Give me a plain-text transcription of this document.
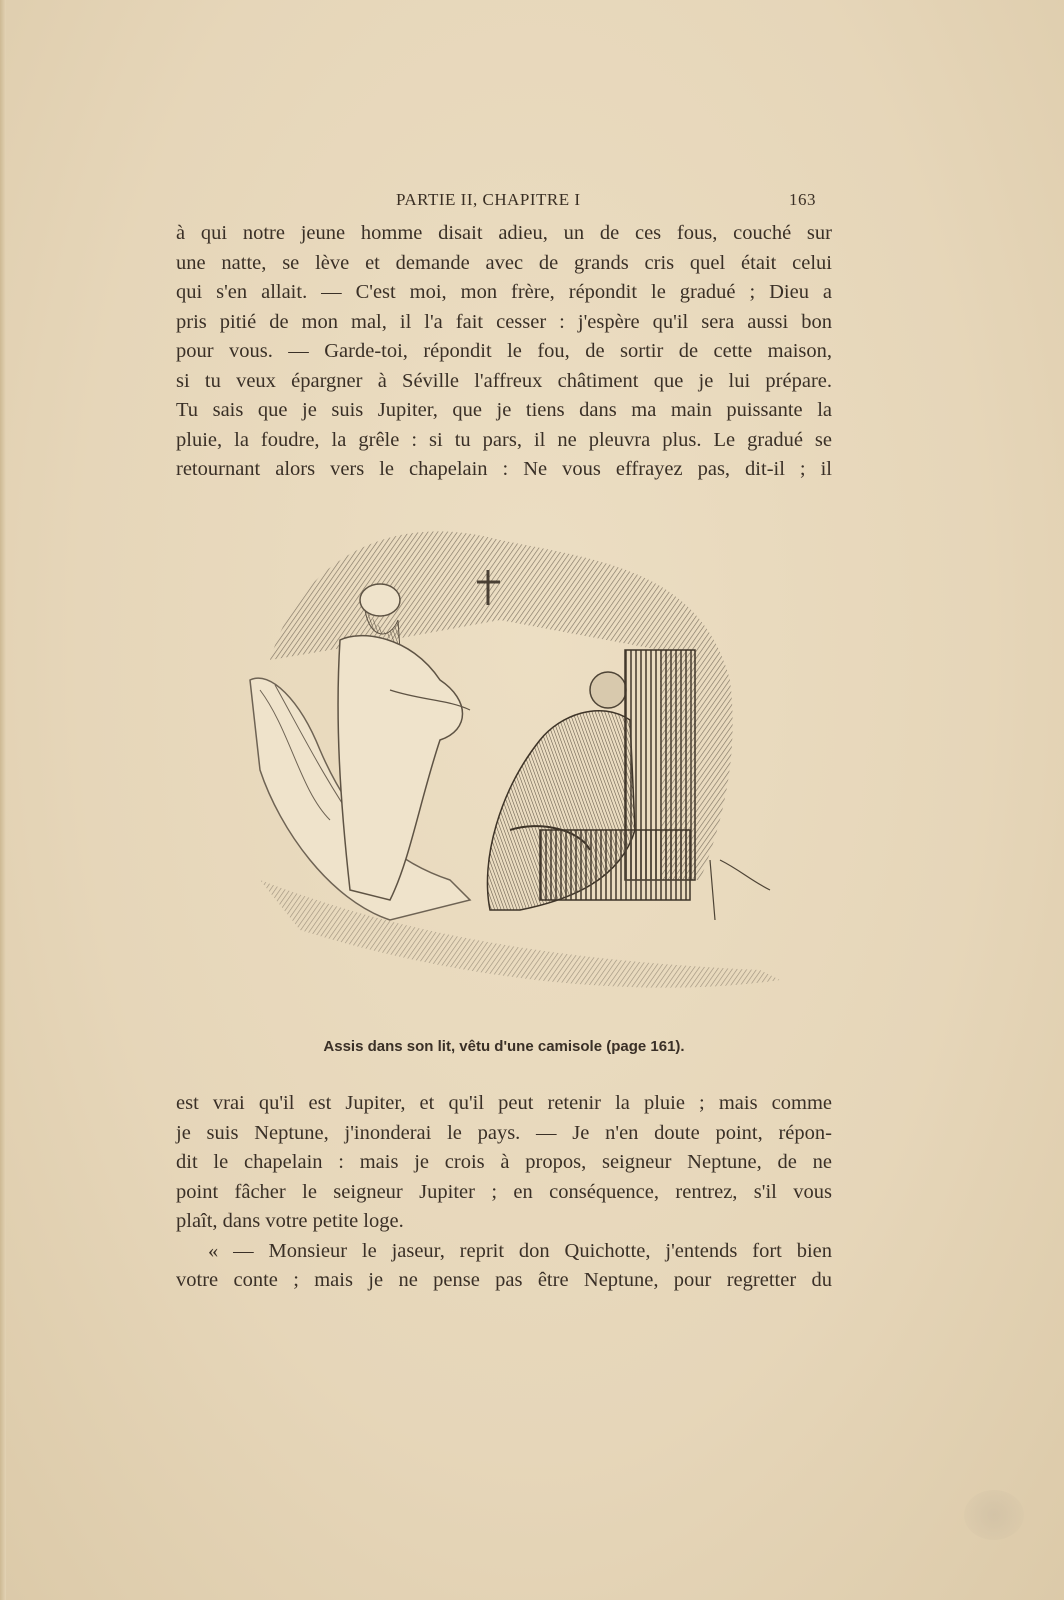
PARTIE II, CHAPITRE I	163
à qui notre jeune homme disait adieu, un de ces fous, couché sur
une natte, se lève et demande avec de grands cris quel était celui
qui s'en allait. — C'est moi, mon frère, répondit le gradué ; Dieu a
pris pitié de mon mal, il l'a fait cesser : j'espère qu'il sera aussi bon
pour vous. — Garde-toi, répondit le fou, de sortir de cette maison,
si tu veux épargner à Séville l'affreux châtiment que je lui prépare.
Tu sais que je suis Jupiter, que je tiens dans ma main puissante la
pluie, la foudre, la grêle : si tu pars, il ne pleuvra plus. Le gradué se
retournant alors vers le chapelain : Ne vous effrayez pas, dit-il ; il
Assis dans son lit, vêtu d'une camisole (page 161).
est vrai qu'il est Jupiter, et qu'il peut retenir la pluie ; mais comme
je suis Neptune, j'inonderai le pays. — Je n'en doute point, répon-
dit le chapelain : mais je crois à propos, seigneur Neptune, de ne
point fâcher le seigneur Jupiter ; en conséquence, rentrez, s'il vous
plaît, dans votre petite loge.
« — Monsieur le jaseur, reprit don Quichotte, j'entends fort bien
votre conte ; mais je ne pense pas être Neptune, pour regretter du
